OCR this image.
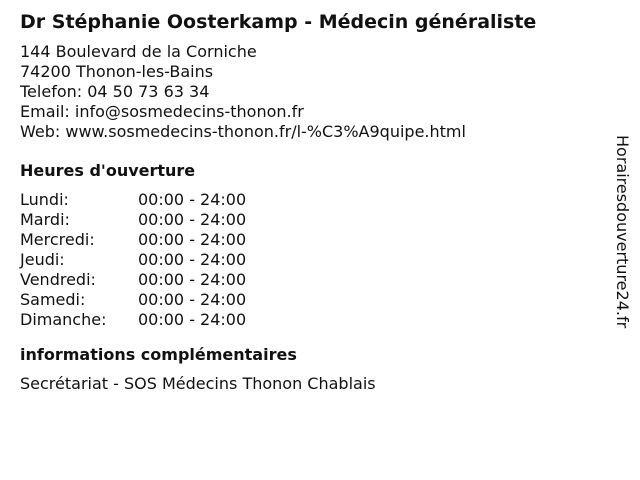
Dr Stéphanie Oosterkamp - Médecin généraliste
144 Boulevard de la Corniche
74200 Thonon-les-Bains
Telefon: 04 50 73 63 34
Email: info@sosmedecins-thonon.fr
Web: www.sosmedecins-thonon.fr/l-%C3%A9quipe.html
Heures d'ouverture
Lundi:	00:00 - 24:00
Mardi:	00:00 - 24:00
Mercredi:	00:00 - 24:00
Jeudi:	00:00 - 24:00
Vendredi:	00:00 - 24:00
Samedi:	00:00 - 24:00
Dimanche:	00:00 - 24:00
informations complémentaires
Secrétariat - SOS Médecins Thonon Chablais
Horairesdouverture24.fr
